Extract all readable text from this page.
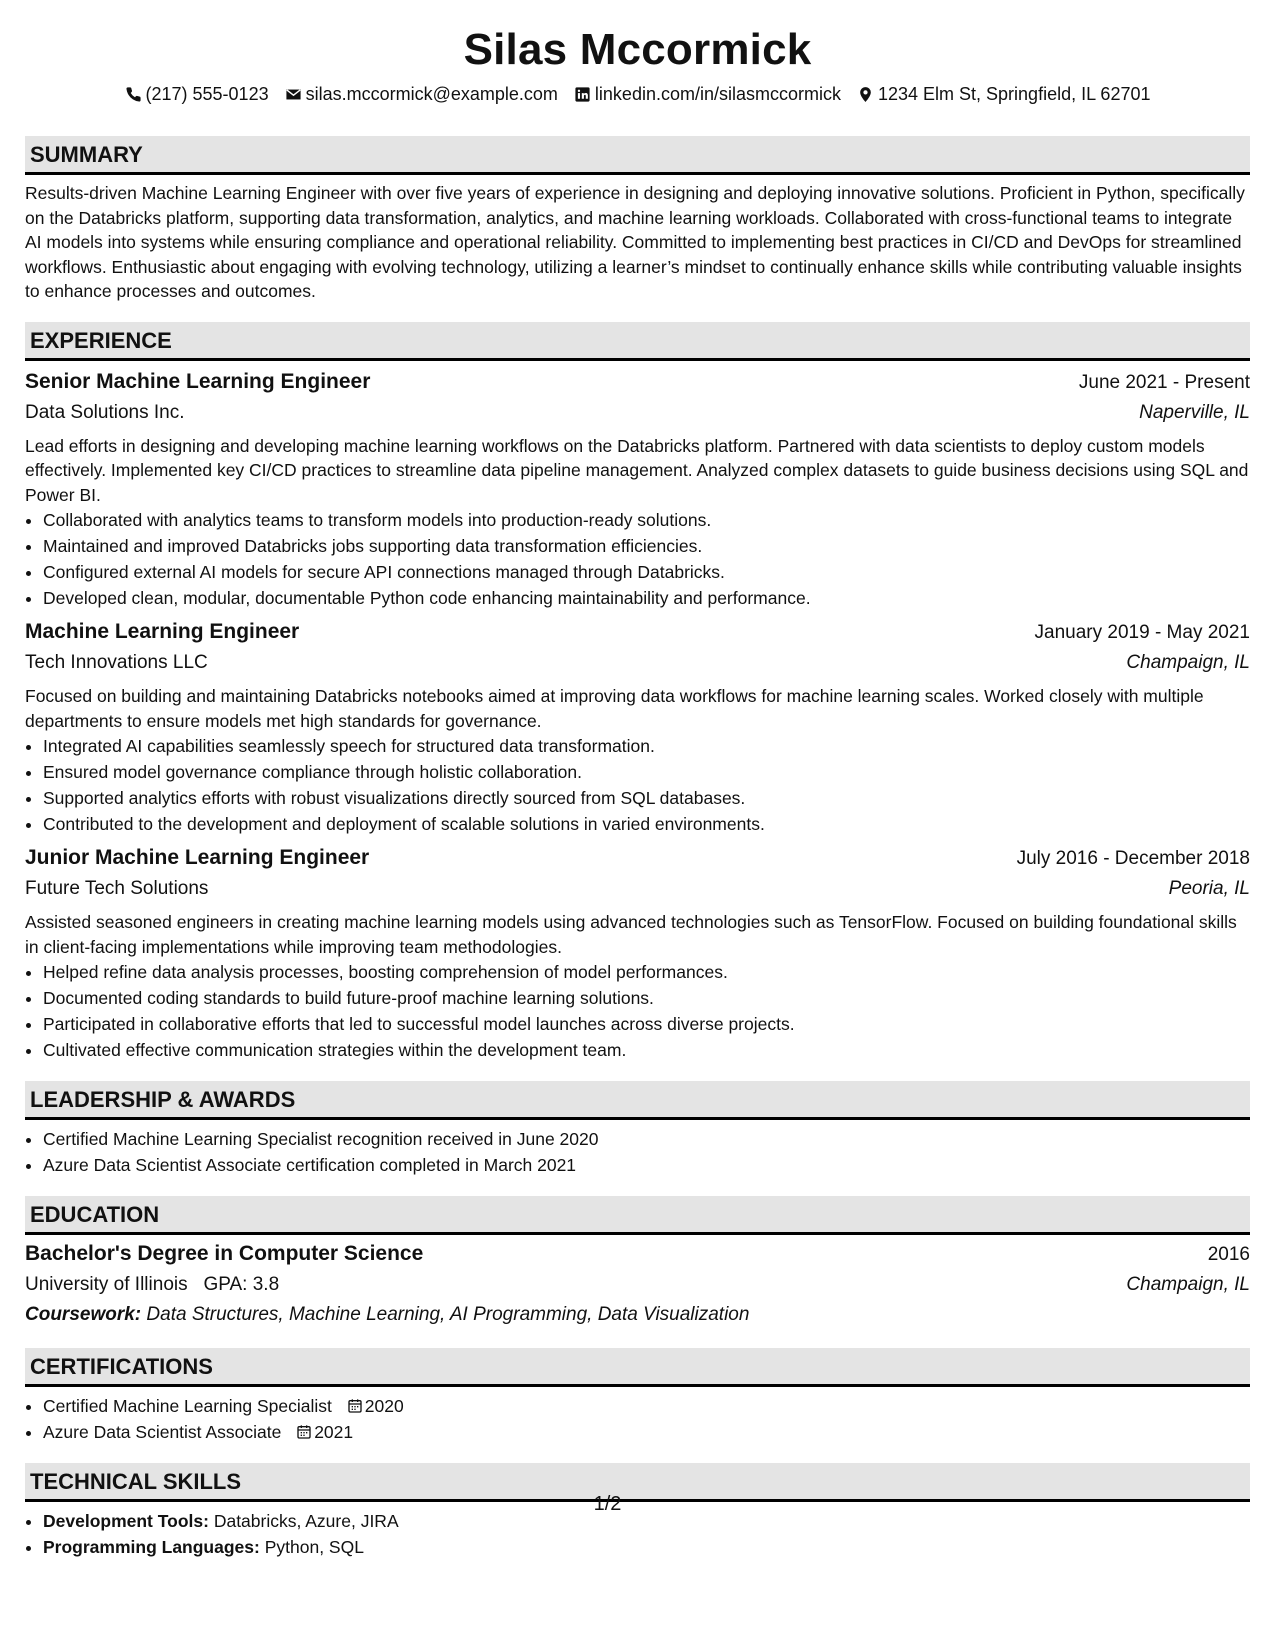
Silas Mccormick
(217) 555-0123 silas.mccormick@example.com linkedin.com/in/silasmccormick 1234 Elm St, Springfield, IL 62701
SUMMARY

Results-driven Machine Learning Engineer with over five years of experience in designing and deploying innovative solutions. Proficient in Python, specifically on the Databricks platform, supporting data transformation, analytics, and machine learning workloads. Collaborated with cross-functional teams to integrate AI models into systems while ensuring compliance and operational reliability. Committed to implementing best practices in CI/CD and DevOps for streamlined workflows. Enthusiastic about engaging with evolving technology, utilizing a learner’s mindset to continually enhance skills while contributing valuable insights to enhance processes and outcomes.

EXPERIENCE
Senior Machine Learning Engineer	June 2021 - Present
Data Solutions Inc.	Naperville, IL

Lead efforts in designing and developing machine learning workflows on the Databricks platform. Partnered with data scientists to deploy custom models effectively. Implemented key CI/CD practices to streamline data pipeline management. Analyzed complex datasets to guide business decisions using SQL and Power BI.

• Collaborated with analytics teams to transform models into production-ready solutions.
• Maintained and improved Databricks jobs supporting data transformation efficiencies.
• Configured external AI models for secure API connections managed through Databricks.
• Developed clean, modular, documentable Python code enhancing maintainability and performance.
Machine Learning Engineer	January 2019 - May 2021
Tech Innovations LLC	Champaign, IL

Focused on building and maintaining Databricks notebooks aimed at improving data workflows for machine learning scales. Worked closely with multiple departments to ensure models met high standards for governance.

• Integrated AI capabilities seamlessly speech for structured data transformation.
• Ensured model governance compliance through holistic collaboration.
• Supported analytics efforts with robust visualizations directly sourced from SQL databases.
• Contributed to the development and deployment of scalable solutions in varied environments.
Junior Machine Learning Engineer	July 2016 - December 2018
Future Tech Solutions	Peoria, IL

Assisted seasoned engineers in creating machine learning models using advanced technologies such as TensorFlow. Focused on building foundational skills in client-facing implementations while improving team methodologies.

• Helped refine data analysis processes, boosting comprehension of model performances.
• Documented coding standards to build future-proof machine learning solutions.
• Participated in collaborative efforts that led to successful model launches across diverse projects.
• Cultivated effective communication strategies within the development team.
LEADERSHIP & AWARDS
• Certified Machine Learning Specialist recognition received in June 2020
• Azure Data Scientist Associate certification completed in March 2021
EDUCATION
Bachelor's Degree in Computer Science	2016
University of Illinois GPA: 3.8	Champaign, IL
Coursework: Data Structures, Machine Learning, AI Programming, Data Visualization
CERTIFICATIONS
• Certified Machine Learning Specialist 2020
• Azure Data Scientist Associate 2021
TECHNICAL SKILLS
• Development Tools: Databricks, Azure, JIRA
• Programming Languages: Python, SQL
1/2
